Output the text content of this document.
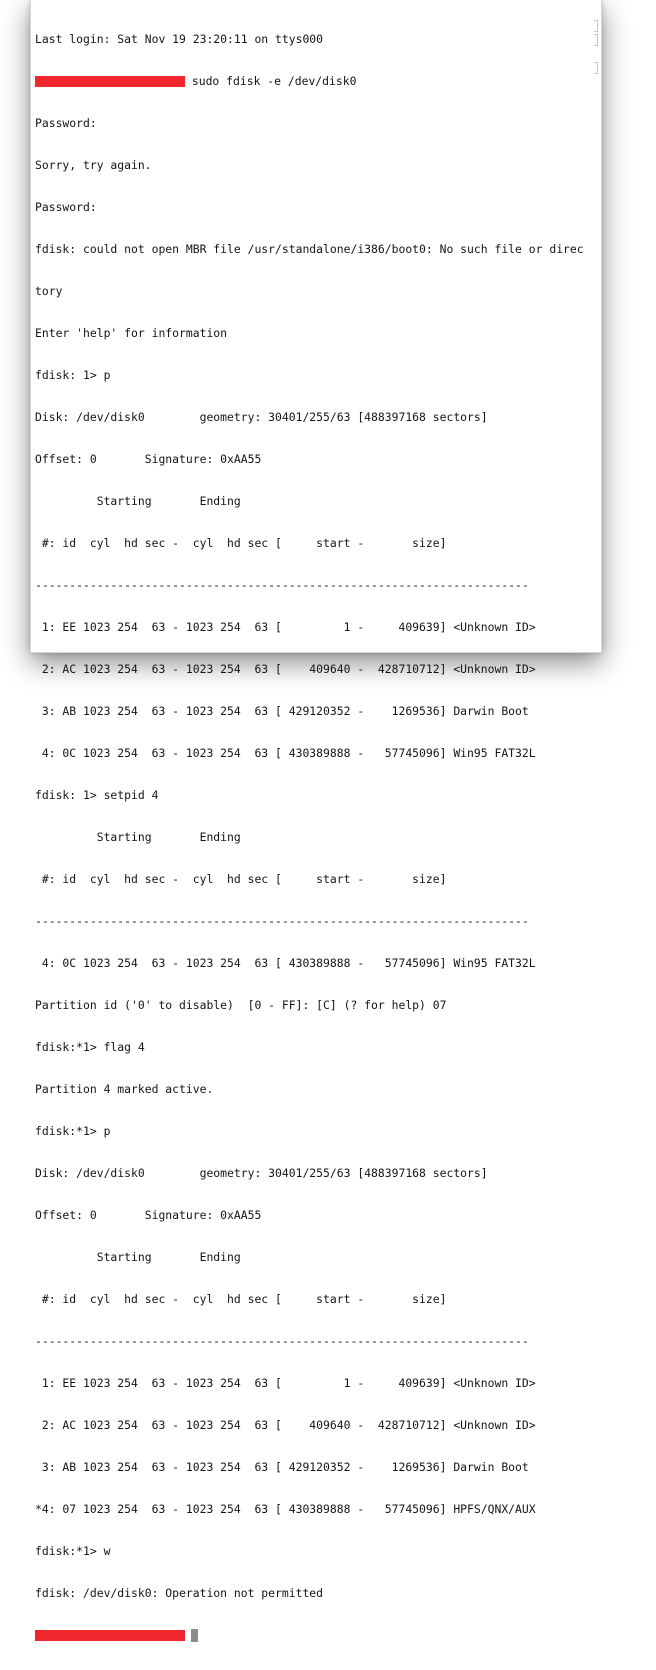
Last login: Sat Nov 19 23:20:11 on ttys000

sudo fdisk -e /dev/disk0

Password:

Sorry, try again.

Password:

fdisk: could not open MBR file /usr/standalone/i386/boot0: No such file or direc

tory

Enter 'help' for information

fdisk: 1> p

Disk: /dev/disk0        geometry: 30401/255/63 [488397168 sectors]

Offset: 0       Signature: 0xAA55

Starting       Ending

#: id  cyl  hd sec -  cyl  hd sec [     start -       size]

------------------------------------------------------------------------

1: EE 1023 254  63 - 1023 254  63 [         1 -     409639] <Unknown ID>

2: AC 1023 254  63 - 1023 254  63 [    409640 -  428710712] <Unknown ID>

3: AB 1023 254  63 - 1023 254  63 [ 429120352 -    1269536] Darwin Boot

4: 0C 1023 254  63 - 1023 254  63 [ 430389888 -   57745096] Win95 FAT32L

fdisk: 1> setpid 4

Starting       Ending

#: id  cyl  hd sec -  cyl  hd sec [     start -       size]

------------------------------------------------------------------------

4: 0C 1023 254  63 - 1023 254  63 [ 430389888 -   57745096] Win95 FAT32L

Partition id ('0' to disable)  [0 - FF]: [C] (? for help) 07

fdisk:*1> flag 4

Partition 4 marked active.

fdisk:*1> p

Disk: /dev/disk0        geometry: 30401/255/63 [488397168 sectors]

Offset: 0       Signature: 0xAA55

Starting       Ending

#: id  cyl  hd sec -  cyl  hd sec [     start -       size]

------------------------------------------------------------------------

1: EE 1023 254  63 - 1023 254  63 [         1 -     409639] <Unknown ID>

2: AC 1023 254  63 - 1023 254  63 [    409640 -  428710712] <Unknown ID>

3: AB 1023 254  63 - 1023 254  63 [ 429120352 -    1269536] Darwin Boot

*4: 07 1023 254  63 - 1023 254  63 [ 430389888 -   57745096] HPFS/QNX/AUX

fdisk:*1> w

fdisk: /dev/disk0: Operation not permitted
